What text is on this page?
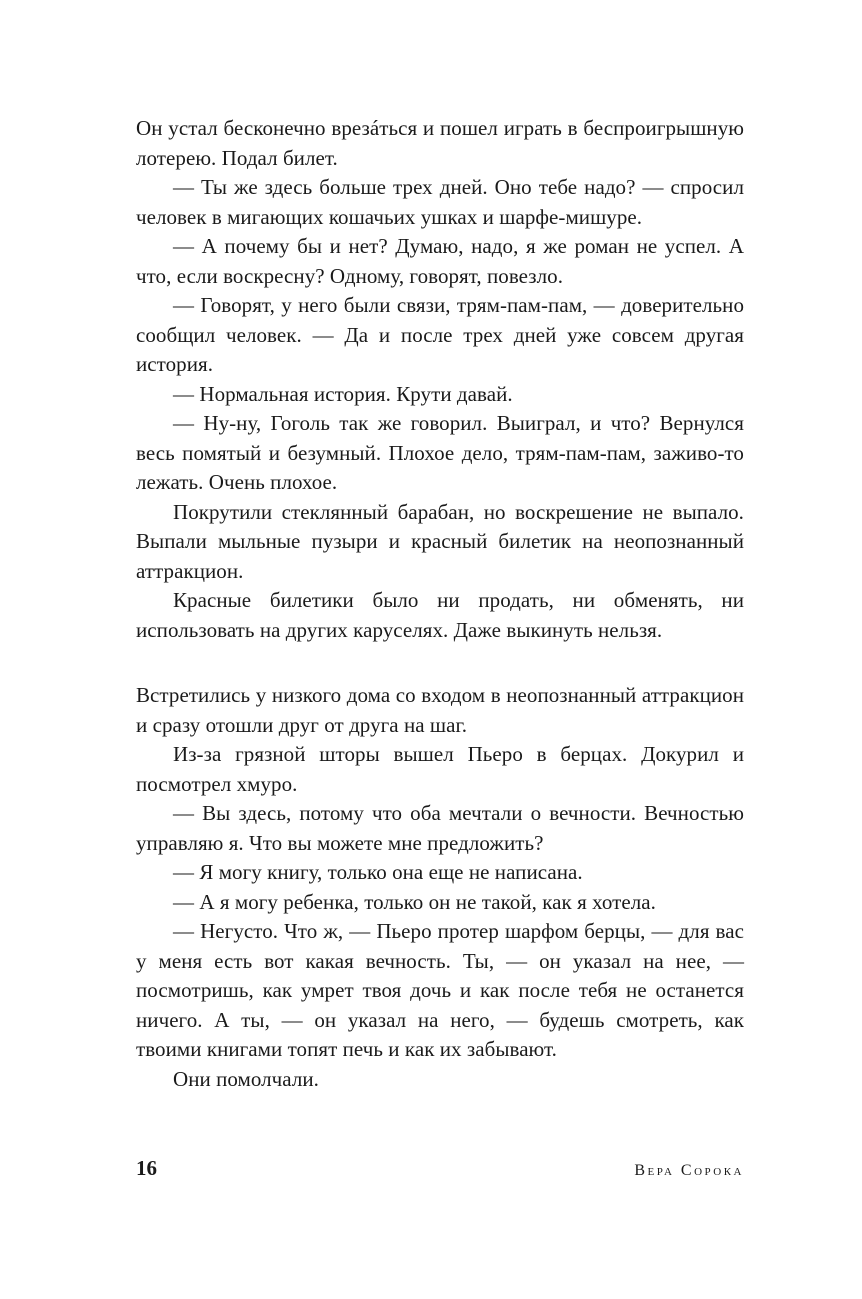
Он устал бесконечно врезáться и пошел играть в беспроигрышную лотерею. Подал билет.

— Ты же здесь больше трех дней. Оно тебе надо? — спросил человек в мигающих кошачьих ушках и шарфе-мишуре.

— А почему бы и нет? Думаю, надо, я же роман не успел. А что, если воскресну? Одному, говорят, повезло.

— Говорят, у него были связи, трям-пам-пам, — доверительно сообщил человек. — Да и после трех дней уже совсем другая история.

— Нормальная история. Крути давай.

— Ну-ну, Гоголь так же говорил. Выиграл, и что? Вернулся весь помятый и безумный. Плохое дело, трям-пам-пам, заживо-то лежать. Очень плохое.

Покрутили стеклянный барабан, но воскрешение не выпало. Выпали мыльные пузыри и красный билетик на неопознанный аттракцион.

Красные билетики было ни продать, ни обменять, ни использовать на других каруселях. Даже выкинуть нельзя.

Встретились у низкого дома со входом в неопознанный аттракцион и сразу отошли друг от друга на шаг.

Из-за грязной шторы вышел Пьеро в берцах. Докурил и посмотрел хмуро.

— Вы здесь, потому что оба мечтали о вечности. Вечностью управляю я. Что вы можете мне предложить?

— Я могу книгу, только она еще не написана.

— А я могу ребенка, только он не такой, как я хотела.

— Негусто. Что ж, — Пьеро протер шарфом берцы, — для вас у меня есть вот какая вечность. Ты, — он указал на нее, — посмотришь, как умрет твоя дочь и как после тебя не останется ничего. А ты, — он указал на него, — будешь смотреть, как твоими книгами топят печь и как их забывают.

Они помолчали.

16	Вера Сорока
